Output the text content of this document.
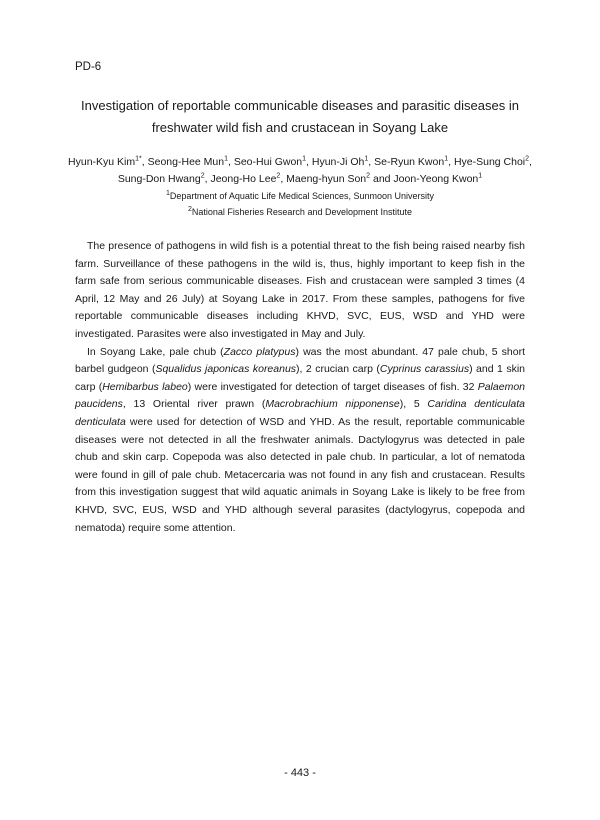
PD-6
Investigation of reportable communicable diseases and parasitic diseases in
freshwater wild fish and crustacean in Soyang Lake
Hyun-Kyu Kim$^{1*}$, Seong-Hee Mun$^1$, Seo-Hui Gwon$^1$, Hyun-Ji Oh$^1$, Se-Ryun Kwon$^1$, Hye-Sung Choi$^2$,
Sung-Don Hwang$^2$, Jeong-Ho Lee$^2$, Maeng-hyun Son$^2$ and Joon-Yeong Kwon$^1$
$^1$Department of Aquatic Life Medical Sciences, Sunmoon University
$^2$National Fisheries Research and Development Institute

The presence of pathogens in wild fish is a potential threat to the fish being raised nearby fish farm. Surveillance of these pathogens in the wild is, thus, highly important to keep fish in the farm safe from serious communicable diseases. Fish and crustacean were sampled 3 times (4 April, 12 May and 26 July) at Soyang Lake in 2017. From these samples, pathogens for five reportable communicable diseases including KHVD, SVC, EUS, WSD and YHD were investigated. Parasites were also investigated in May and July.

In Soyang Lake, pale chub (Zacco platypus) was the most abundant. 47 pale chub, 5 short barbel gudgeon (Squalidus japonicas koreanus), 2 crucian carp (Cyprinus carassius) and 1 skin carp (Hemibarbus labeo) were investigated for detection of target diseases of fish. 32 Palaemon paucidens, 13 Oriental river prawn (Macrobrachium nipponense), 5 Caridina denticulata denticulata were used for detection of WSD and YHD. As the result, reportable communicable diseases were not detected in all the freshwater animals. Dactylogyrus was detected in pale chub and skin carp. Copepoda was also detected in pale chub. In particular, a lot of nematoda were found in gill of pale chub. Metacercaria was not found in any fish and crustacean. Results from this investigation suggest that wild aquatic animals in Soyang Lake is likely to be free from KHVD, SVC, EUS, WSD and YHD although several parasites (dactylogyrus, copepoda and nematoda) require some attention.

- 443 -
